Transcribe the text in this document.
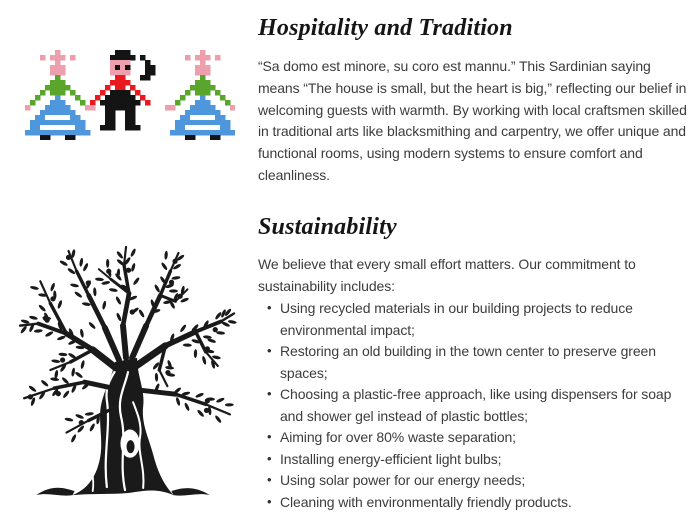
Hospitality and Tradition

“Sa domo est minore, su coro est mannu.” This Sardinian saying means “The house is small, but the heart is big,” reflecting our belief in welcoming guests with warmth. By working with local craftsmen skilled in traditional arts like blacksmithing and carpentry, we offer unique and functional rooms, using modern systems to ensure comfort and cleanliness.

Sustainability

We believe that every small effort matters. Our commitment to sustainability includes:

• Using recycled materials in our building projects to reduce environmental impact;
• Restoring an old building in the town center to preserve green spaces;
• Choosing a plastic-free approach, like using dispensers for soap and shower gel instead of plastic bottles;
• Aiming for over 80% waste separation;
• Installing energy-efficient light bulbs;
• Using solar power for our energy needs;
• Cleaning with environmentally friendly products.
